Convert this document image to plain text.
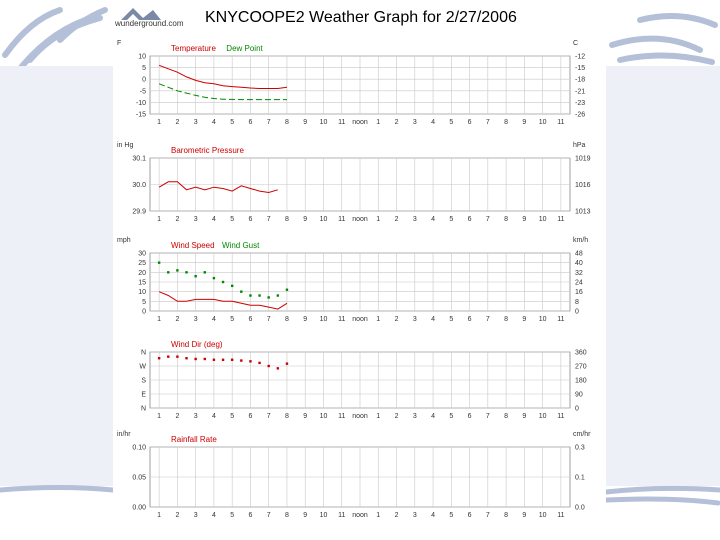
wunderground.com KNYCOOPE2 Weather Graph for 2/27/2006
1 2 3 4 5 6 7 8 9 10 11 noon 1 2 3 4 5 6 7 8 9 10 11
10
5
0
-5
-10
-15
-12
-15
-18
-21
-23
-26
F	C
Temperature Dew Point
1 2 3 4 5 6 7 8 9 10 11 noon 1 2 3 4 5 6 7 8 9 10 11
30.1
30.0
29.9
1019
1016
1013
in Hg	hPa
Barometric Pressure
1 2 3 4 5 6 7 8 9 10 11 noon 1 2 3 4 5 6 7 8 9 10 11
30
25
20
15
10
5
0
48
40
32
24
16
8
0
mph	km/h
Wind Speed Wind Gust
1 2 3 4 5 6 7 8 9 10 11 noon 1 2 3 4 5 6 7 8 9 10 11
N
W
S
E
N
360
270
180
90
0
Wind Dir (deg)
1 2 3 4 5 6 7 8 9 10 11 noon 1 2 3 4 5 6 7 8 9 10 11
0.10
0.05
0.00
0.3
0.1
0.0
in/hr	cm/hr
Rainfall Rate
